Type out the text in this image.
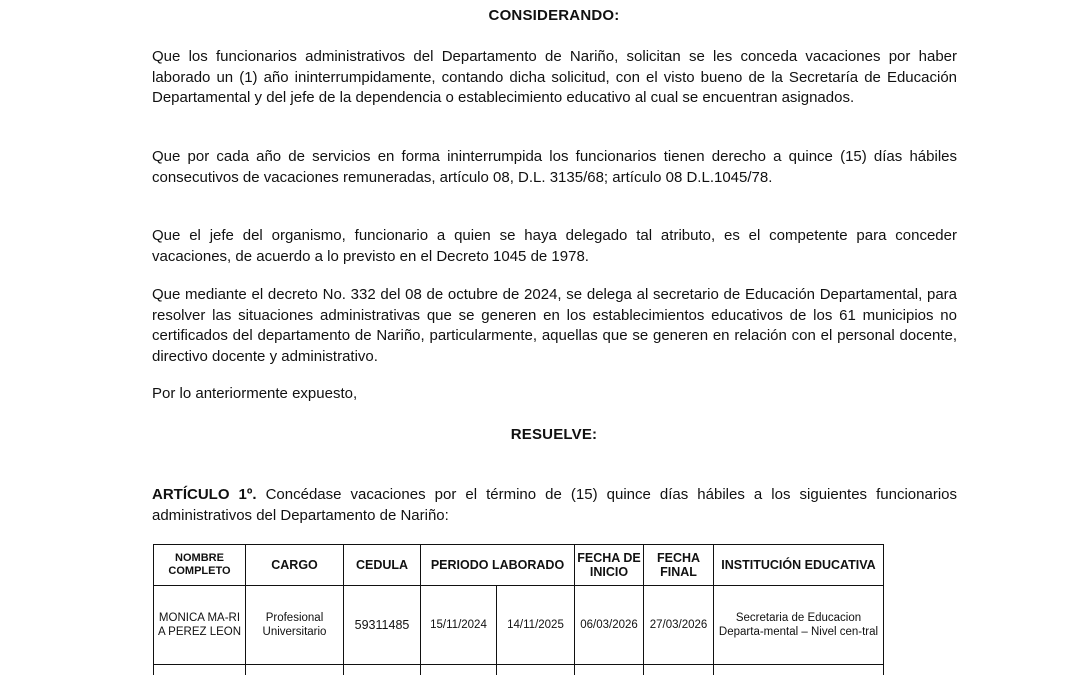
CONSIDERANDO:

Que los funcionarios administrativos del Departamento de Nariño, solicitan se les conceda vacaciones por haber laborado un (1) año ininterrumpidamente, contando dicha solicitud, con el visto bueno de la Secretaría de Educación Departamental y del jefe de la dependencia o establecimiento educativo al cual se encuentran asignados.

Que por cada año de servicios en forma ininterrumpida los funcionarios tienen derecho a quince (15) días hábiles consecutivos de vacaciones remuneradas, artículo 08, D.L. 3135/68; artículo 08 D.L.1045/78.

Que el jefe del organismo, funcionario a quien se haya delegado tal atributo, es el competente para conceder vacaciones, de acuerdo a lo previsto en el Decreto 1045 de 1978.

Que mediante el decreto No. 332 del 08 de octubre de 2024, se delega al secretario de Educación Departamental, para resolver las situaciones administrativas que se generen en los establecimientos educativos de los 61 municipios no certificados del departamento de Nariño, particularmente, aquellas que se generen en relación con el personal docente, directivo docente y administrativo.

Por lo anteriormente expuesto,

RESUELVE:

ARTÍCULO 1º. Concédase vacaciones por el término de (15) quince días hábiles a los siguientes funcionarios administrativos del Departamento de Nariño:

NOMBRE COMPLETO	CARGO	CEDULA	PERIODO LABORADO		FECHA DE INICIO	FECHA FINAL	INSTITUCIÓN EDUCATIVA
MONICA MA-RIA PEREZ LEON	Profesional Universitario	59311485	15/11/2024	14/11/2025	06/03/2026	27/03/2026	Secretaria de Educacion Departa-mental – Nivel cen-tral
